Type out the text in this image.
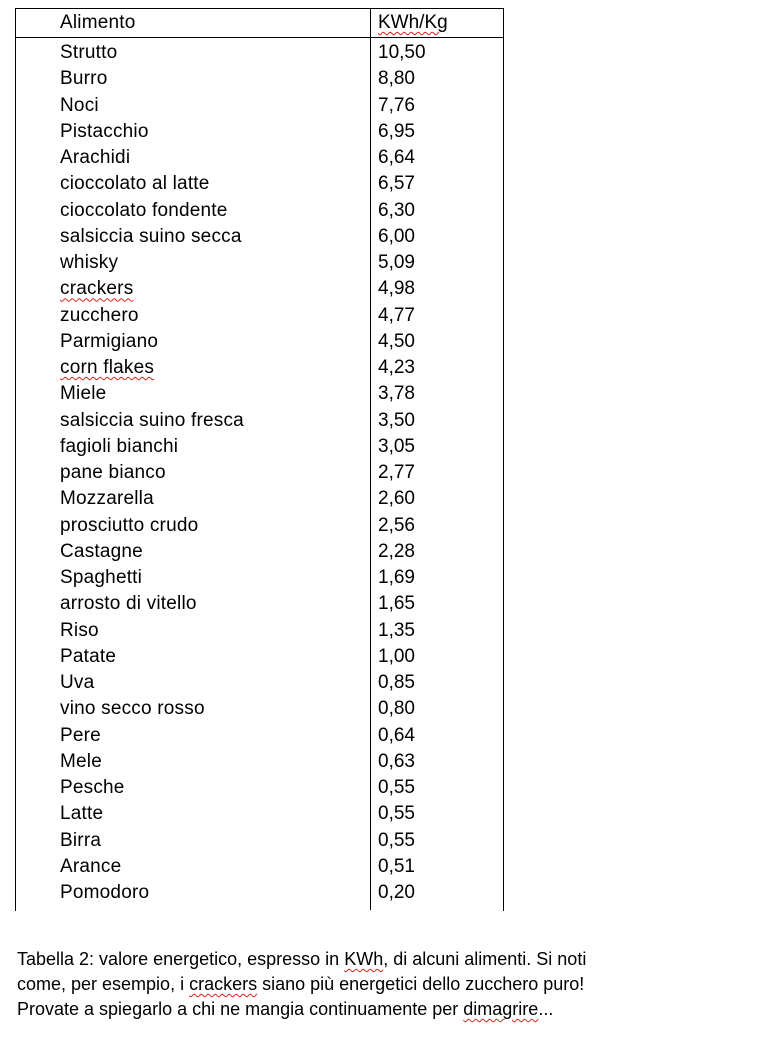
Alimento	KWh/Kg
Strutto	10,50
Burro	8,80
Noci	7,76
Pistacchio	6,95
Arachidi	6,64
cioccolato al latte	6,57
cioccolato fondente	6,30
salsiccia suino secca	6,00
whisky	5,09
crackers	4,98
zucchero	4,77
Parmigiano	4,50
corn flakes	4,23
Miele	3,78
salsiccia suino fresca	3,50
fagioli bianchi	3,05
pane bianco	2,77
Mozzarella	2,60
prosciutto crudo	2,56
Castagne	2,28
Spaghetti	1,69
arrosto di vitello	1,65
Riso	1,35
Patate	1,00
Uva	0,85
vino secco rosso	0,80
Pere	0,64
Mele	0,63
Pesche	0,55
Latte	0,55
Birra	0,55
Arance	0,51
Pomodoro	0,20
Tabella 2: valore energetico, espresso in KWh, di alcuni alimenti. Si noti
come, per esempio, i crackers siano più energetici dello zucchero puro!
Provate a spiegarlo a chi ne mangia continuamente per dimagrire...
